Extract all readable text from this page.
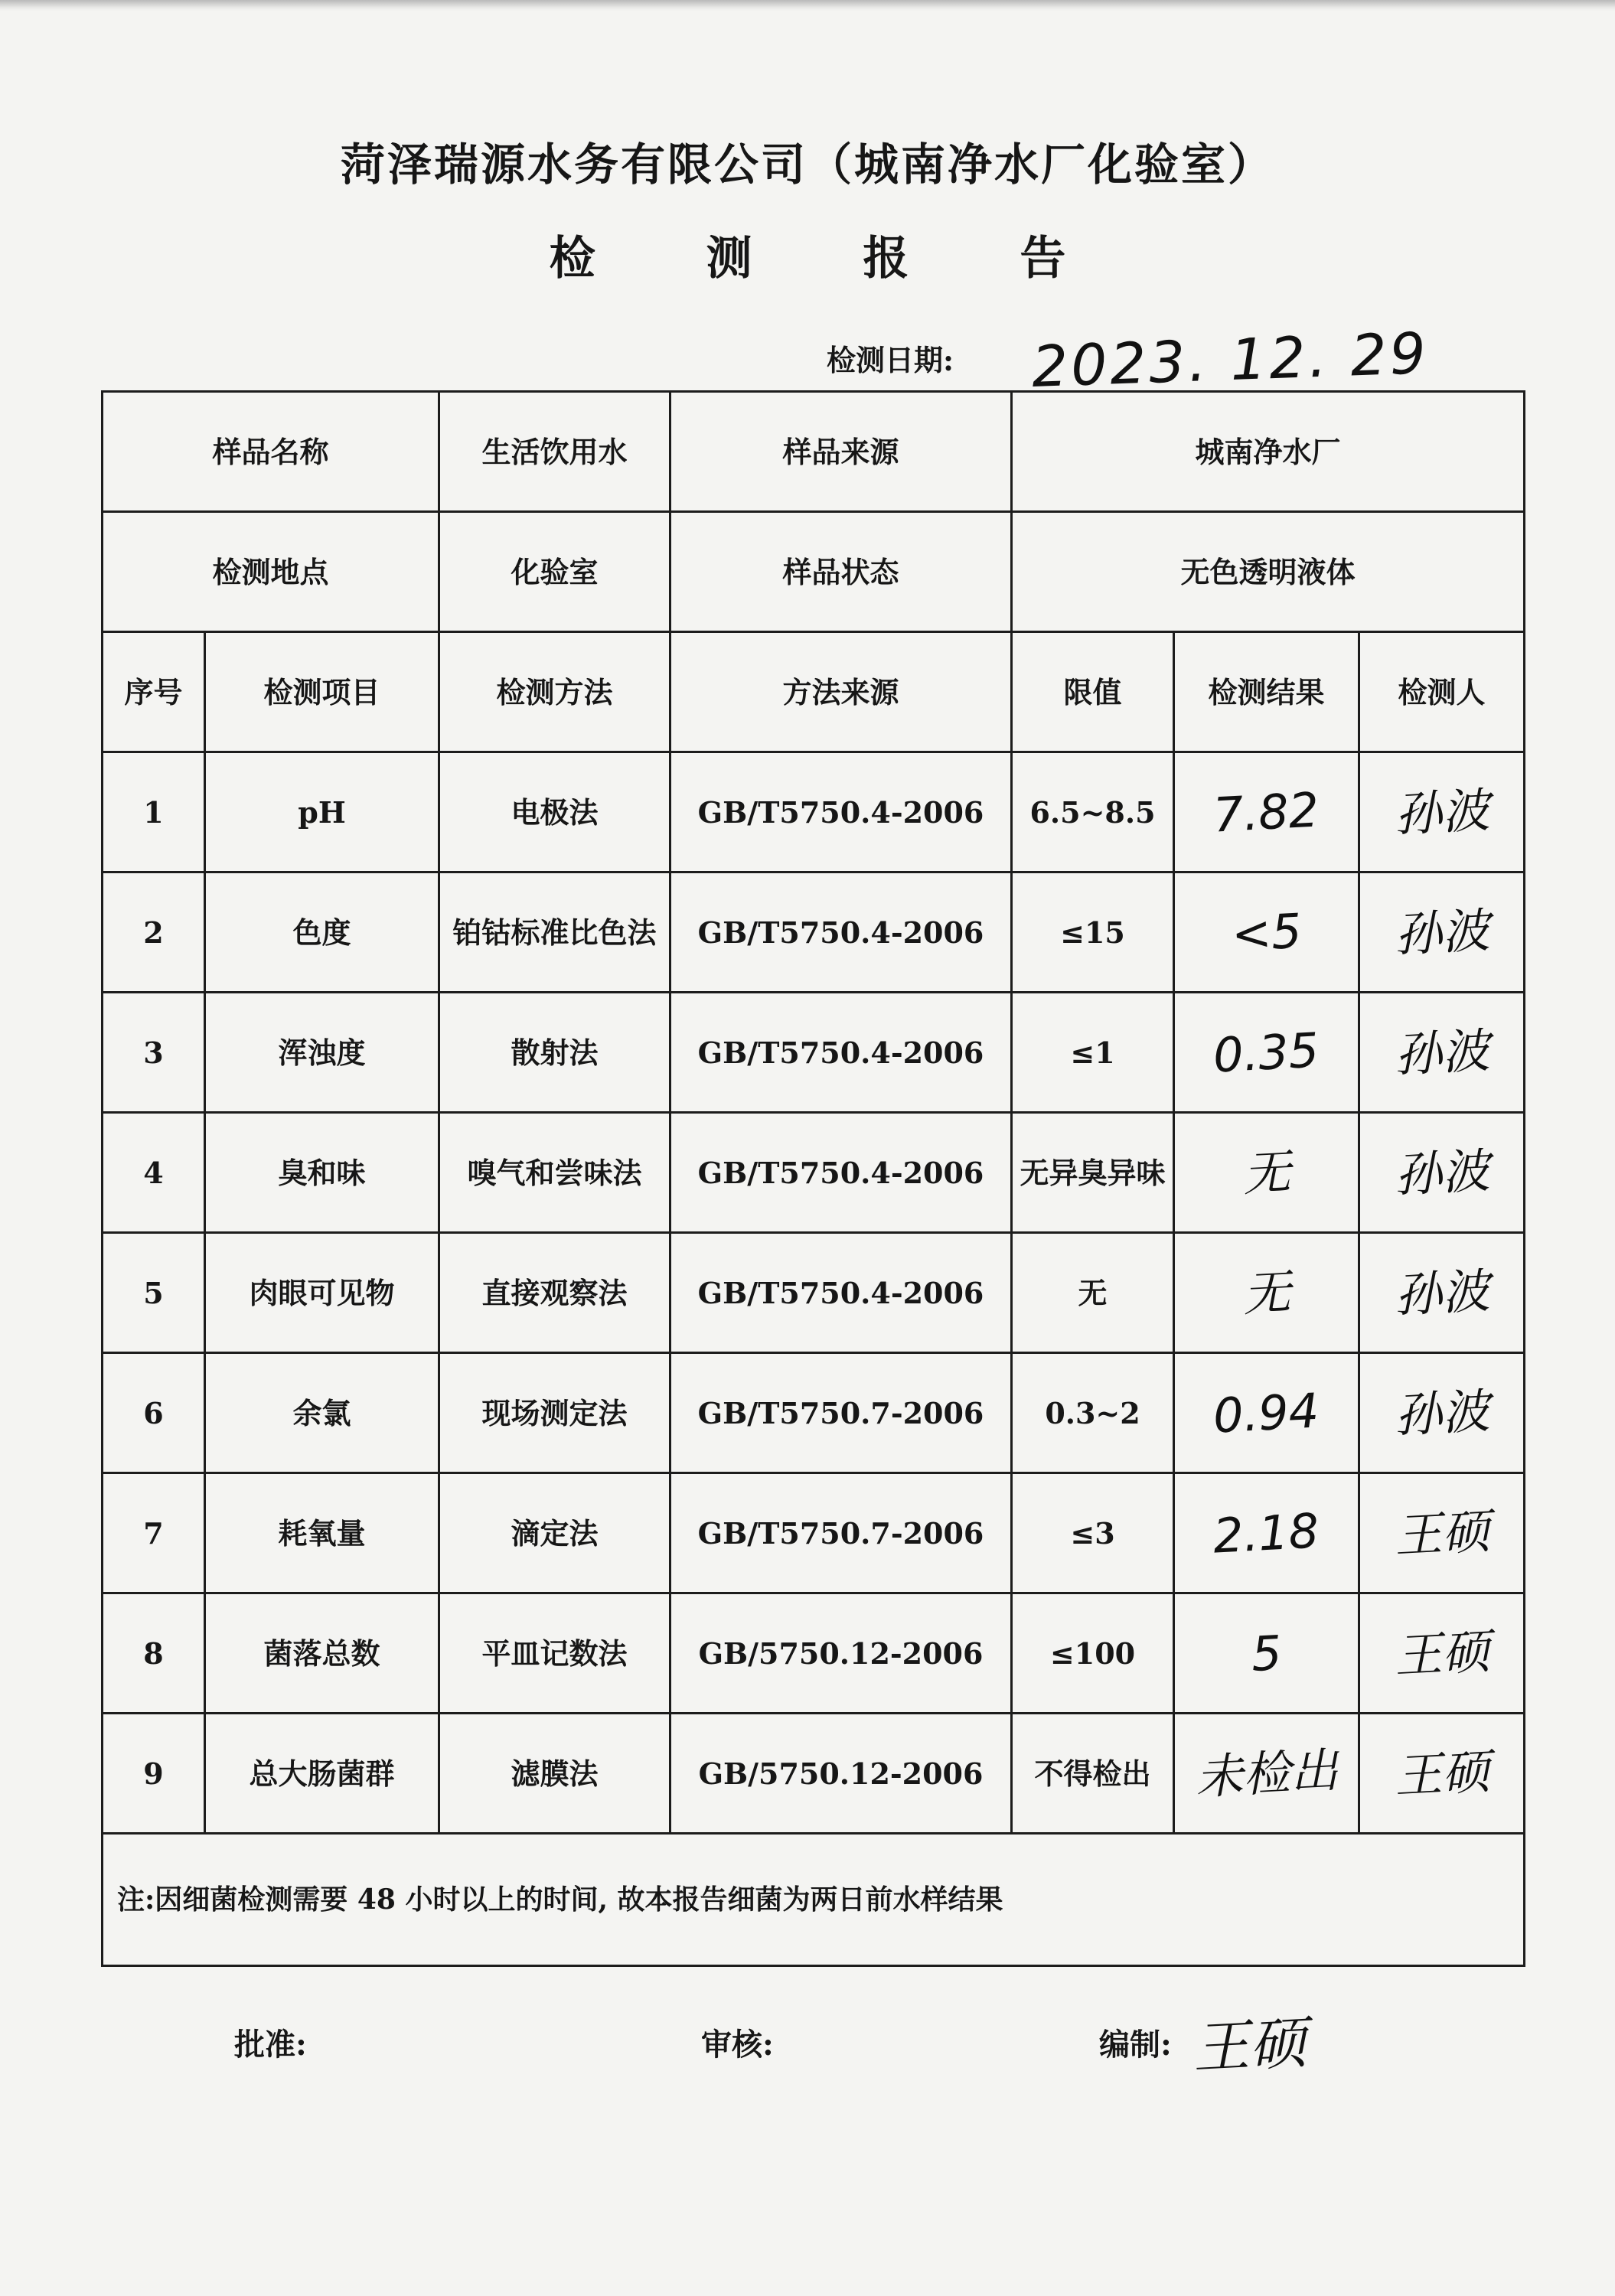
菏泽瑞源水务有限公司（城南净水厂化验室）
检 测 报 告
检测日期: 2023. 12. 29
样品名称		生活饮用水	样品来源	城南净水厂		
检测地点		化验室	样品状态	无色透明液体		
序号	检测项目	检测方法	方法来源	限值	检测结果	检测人
1	pH	电极法	GB/T5750.4-2006	6.5~8.5	7.82	孙波
2	色度	铂钴标准比色法	GB/T5750.4-2006	≤15	<5	孙波
3	浑浊度	散射法	GB/T5750.4-2006	≤1	0.35	孙波
4	臭和味	嗅气和尝味法	GB/T5750.4-2006	无异臭异味	无	孙波
5	肉眼可见物	直接观察法	GB/T5750.4-2006	无	无	孙波
6	余氯	现场测定法	GB/T5750.7-2006	0.3~2	0.94	孙波
7	耗氧量	滴定法	GB/T5750.7-2006	≤3	2.18	王硕
8	菌落总数	平皿记数法	GB/5750.12-2006	≤100	5	王硕
9	总大肠菌群	滤膜法	GB/5750.12-2006	不得检出	未检出	王硕
注:因细菌检测需要 48 小时以上的时间, 故本报告细菌为两日前水样结果						
批准:	审核:	编制: 王硕
